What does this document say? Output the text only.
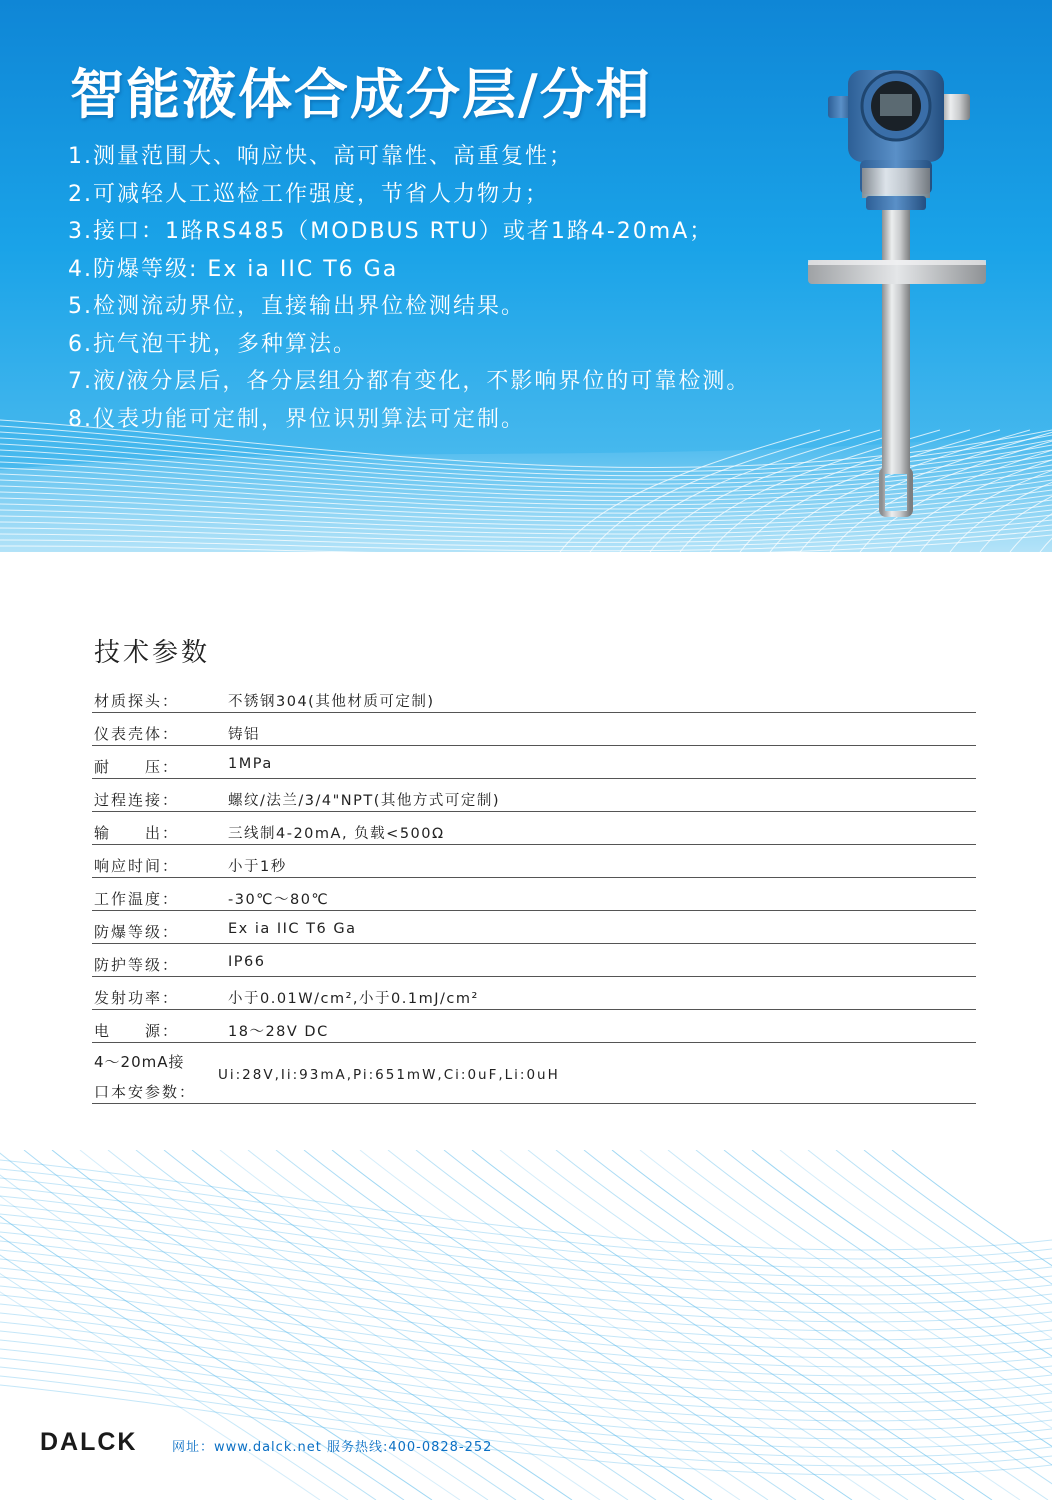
智能液体合成分层/分相
1.测量范围大、响应快、高可靠性、高重复性；
2.可减轻人工巡检工作强度，节省人力物力；
3.接口：1路RS485（MODBUS RTU）或者1路4-20mA；
4.防爆等级: Ex ia IIC T6 Ga
5.检测流动界位，直接输出界位检测结果。
6.抗气泡干扰，多种算法。
7.液/液分层后，各分层组分都有变化，不影响界位的可靠检测。
8.仪表功能可定制，界位识别算法可定制。
技术参数
材质探头：	不锈钢304(其他材质可定制)
仪表壳体：	铸铝
耐　　压：	1MPa
过程连接：	螺纹/法兰/3/4"NPT(其他方式可定制)
输　　出：	三线制4-20mA, 负载<500Ω
响应时间：	小于1秒
工作温度：	-30℃～80℃
防爆等级：	Ex ia IIC T6 Ga
防护等级：	IP66
发射功率：	小于0.01W/cm²,小于0.1mJ/cm²
电　　源：	18～28V DC
4～20mA接
口本安参数：
Ui:28V,Ii:93mA,Pi:651mW,Ci:0uF,Li:0uH
DALCK	网址：www.dalck.net 服务热线:400-0828-252
